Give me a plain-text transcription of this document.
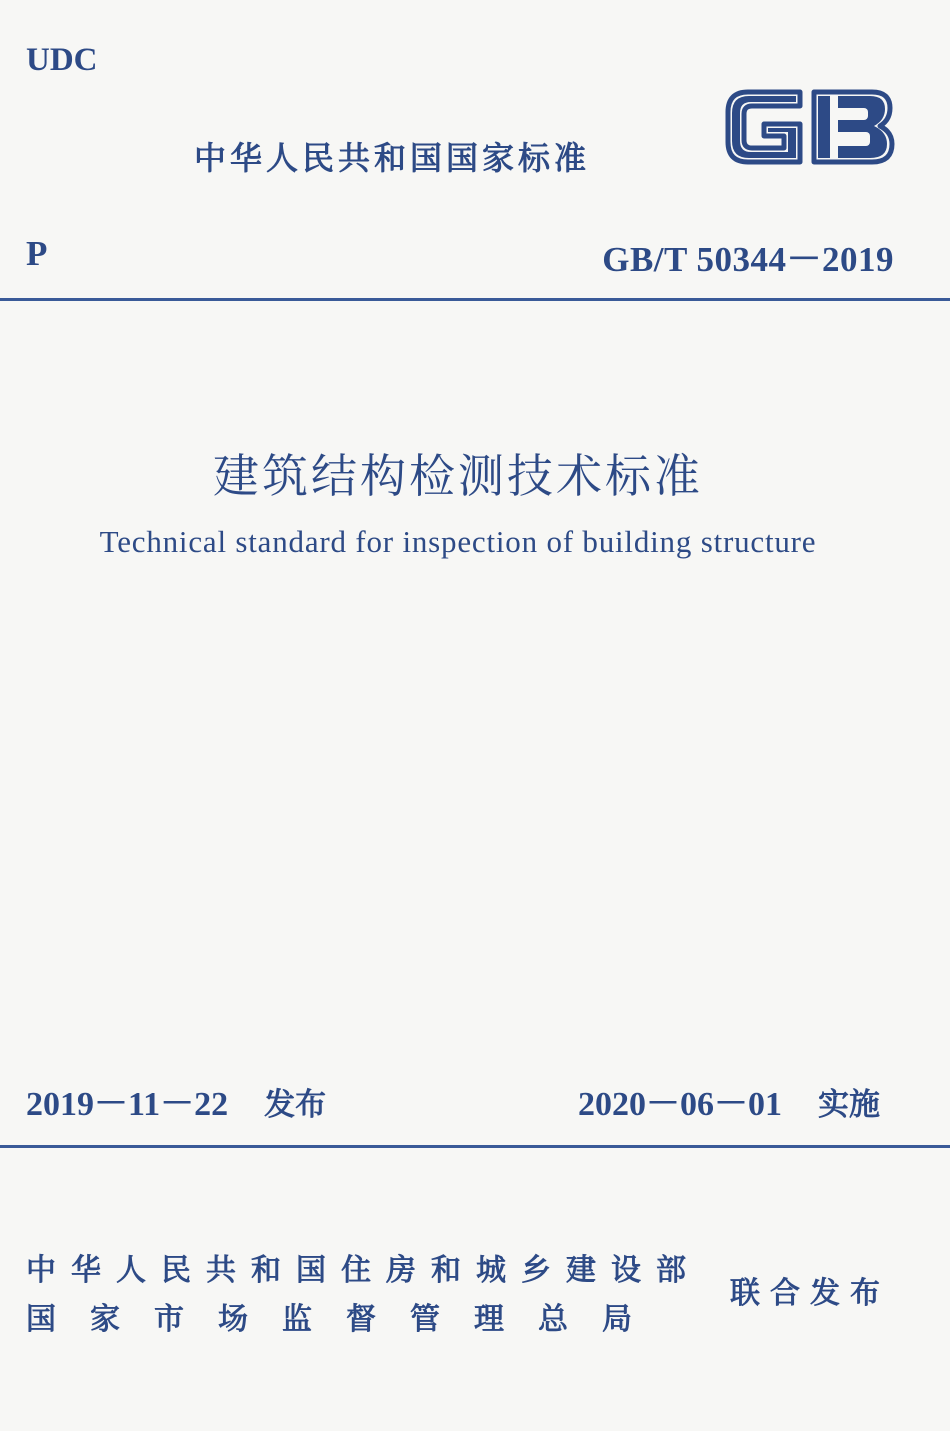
UDC
中华人民共和国国家标准
P	GB/T 50344－2019
建筑结构检测技术标准
Technical standard for inspection of building structure
2019－11－22 发布	2020－06－01 实施
中华人民共和国住房和城乡建设部
国家市场监督管理总局
联合发布
